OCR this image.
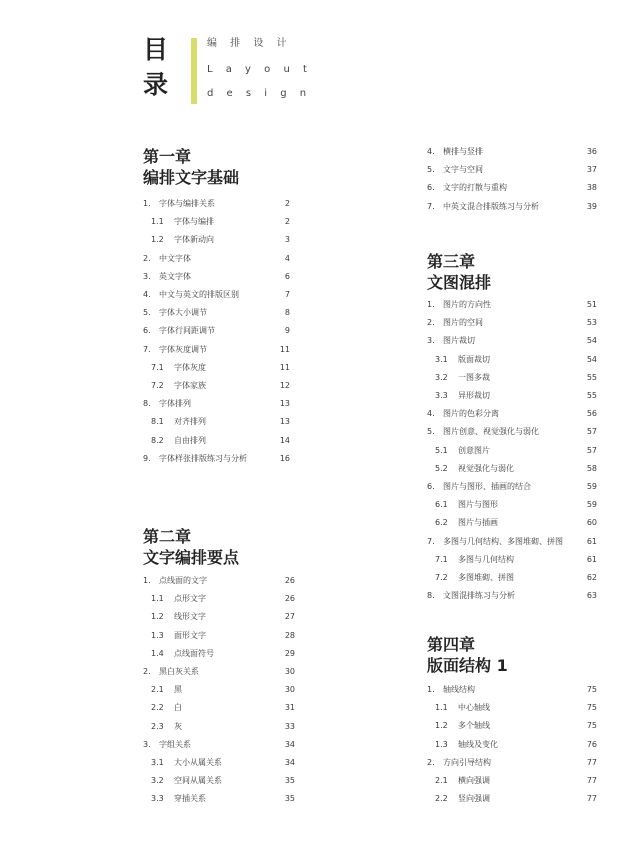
目
录
编 排 设 计
L a y o u t
d e s i g n
第一章
编排文字基础
第二章
文字编排要点
第三章
文图混排
第四章
版面结构 1
1. 字体与编排关系	2
1.1 字体与编排	2
1.2 字体新动向	3
2. 中文字体	4
3. 英文字体	6
4. 中文与英文的排版区别	7
5. 字体大小调节	8
6. 字体行间距调节	9
7. 字体灰度调节	11
7.1 字体灰度	11
7.2 字体家族	12
8. 字体排列	13
8.1 对齐排列	13
8.2 自由排列	14
9. 字体样张排版练习与分析	16
1. 点线面的文字	26
1.1 点形文字	26
1.2 线形文字	27
1.3 面形文字	28
1.4 点线面符号	29
2. 黑白灰关系	30
2.1 黑	30
2.2 白	31
2.3 灰	33
3. 字组关系	34
3.1 大小从属关系	34
3.2 空间从属关系	35
3.3 穿插关系	35
4. 横排与竖排	36
5. 文字与空间	37
6. 文字的打散与重构	38
7. 中英文混合排版练习与分析	39
1. 图片的方向性	51
2. 图片的空间	53
3. 图片裁切	54
3.1 版面裁切	54
3.2 一图多裁	55
3.3 异形裁切	55
4. 图片的色彩分离	56
5. 图片创意、视觉强化与弱化	57
5.1 创意图片	57
5.2 视觉强化与弱化	58
6. 图片与图形、插画的结合	59
6.1 图片与图形	59
6.2 图片与插画	60
7. 多图与几何结构、多图堆砌、拼图	61
7.1 多图与几何结构	61
7.2 多图堆砌、拼图	62
8. 文图混排练习与分析	63
1. 轴线结构	75
1.1 中心轴线	75
1.2 多个轴线	75
1.3 轴线及变化	76
2. 方向引导结构	77
2.1 横向强调	77
2.2 竖向强调	77
